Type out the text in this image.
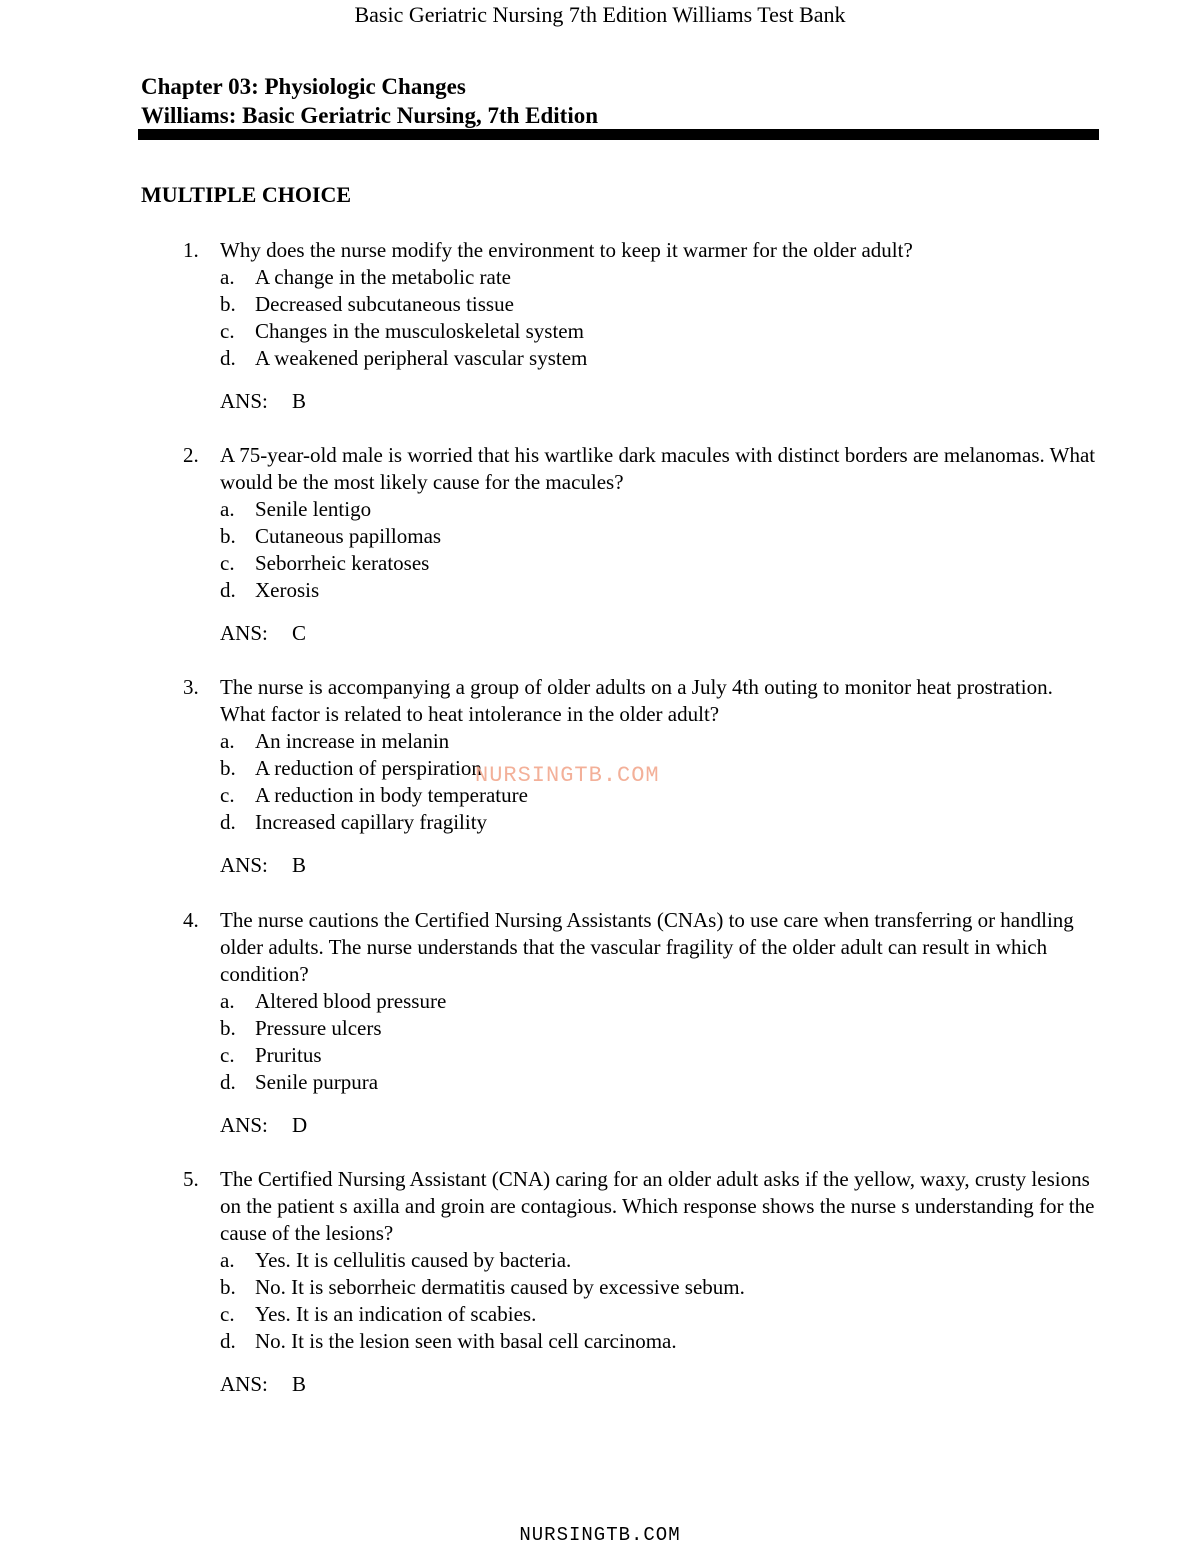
Basic Geriatric Nursing 7th Edition Williams Test Bank
Chapter 03: Physiologic Changes
Williams: Basic Geriatric Nursing, 7th Edition
MULTIPLE CHOICE
1.	Why does the nurse modify the environment to keep it warmer for the older adult?
a. A change in the metabolic rate
b. Decreased subcutaneous tissue
c. Changes in the musculoskeletal system
d. A weakened peripheral vascular system
ANS: B
2.	A 75-year-old male is worried that his wartlike dark macules with distinct borders are melanomas. What would be the most likely cause for the macules?
a. Senile lentigo
b. Cutaneous papillomas
c. Seborrheic keratoses
d. Xerosis
ANS: C
3.	The nurse is accompanying a group of older adults on a July 4th outing to monitor heat prostration. What factor is related to heat intolerance in the older adult?
a. An increase in melanin
b. A reduction of perspiration
c. A reduction in body temperature
d. Increased capillary fragility
ANS: B
4.	The nurse cautions the Certified Nursing Assistants (CNAs) to use care when transferring or handling older adults. The nurse understands that the vascular fragility of the older adult can result in which condition?
a. Altered blood pressure
b. Pressure ulcers
c. Pruritus
d. Senile purpura
ANS: D
5.	The Certified Nursing Assistant (CNA) caring for an older adult asks if the yellow, waxy, crusty lesions on the patient s axilla and groin are contagious. Which response shows the nurse s understanding for the cause of the lesions?
a. Yes. It is cellulitis caused by bacteria.
b. No. It is seborrheic dermatitis caused by excessive sebum.
c. Yes. It is an indication of scabies.
d. No. It is the lesion seen with basal cell carcinoma.
ANS: B
NURSINGTB.COM
NURSINGTB.COM
